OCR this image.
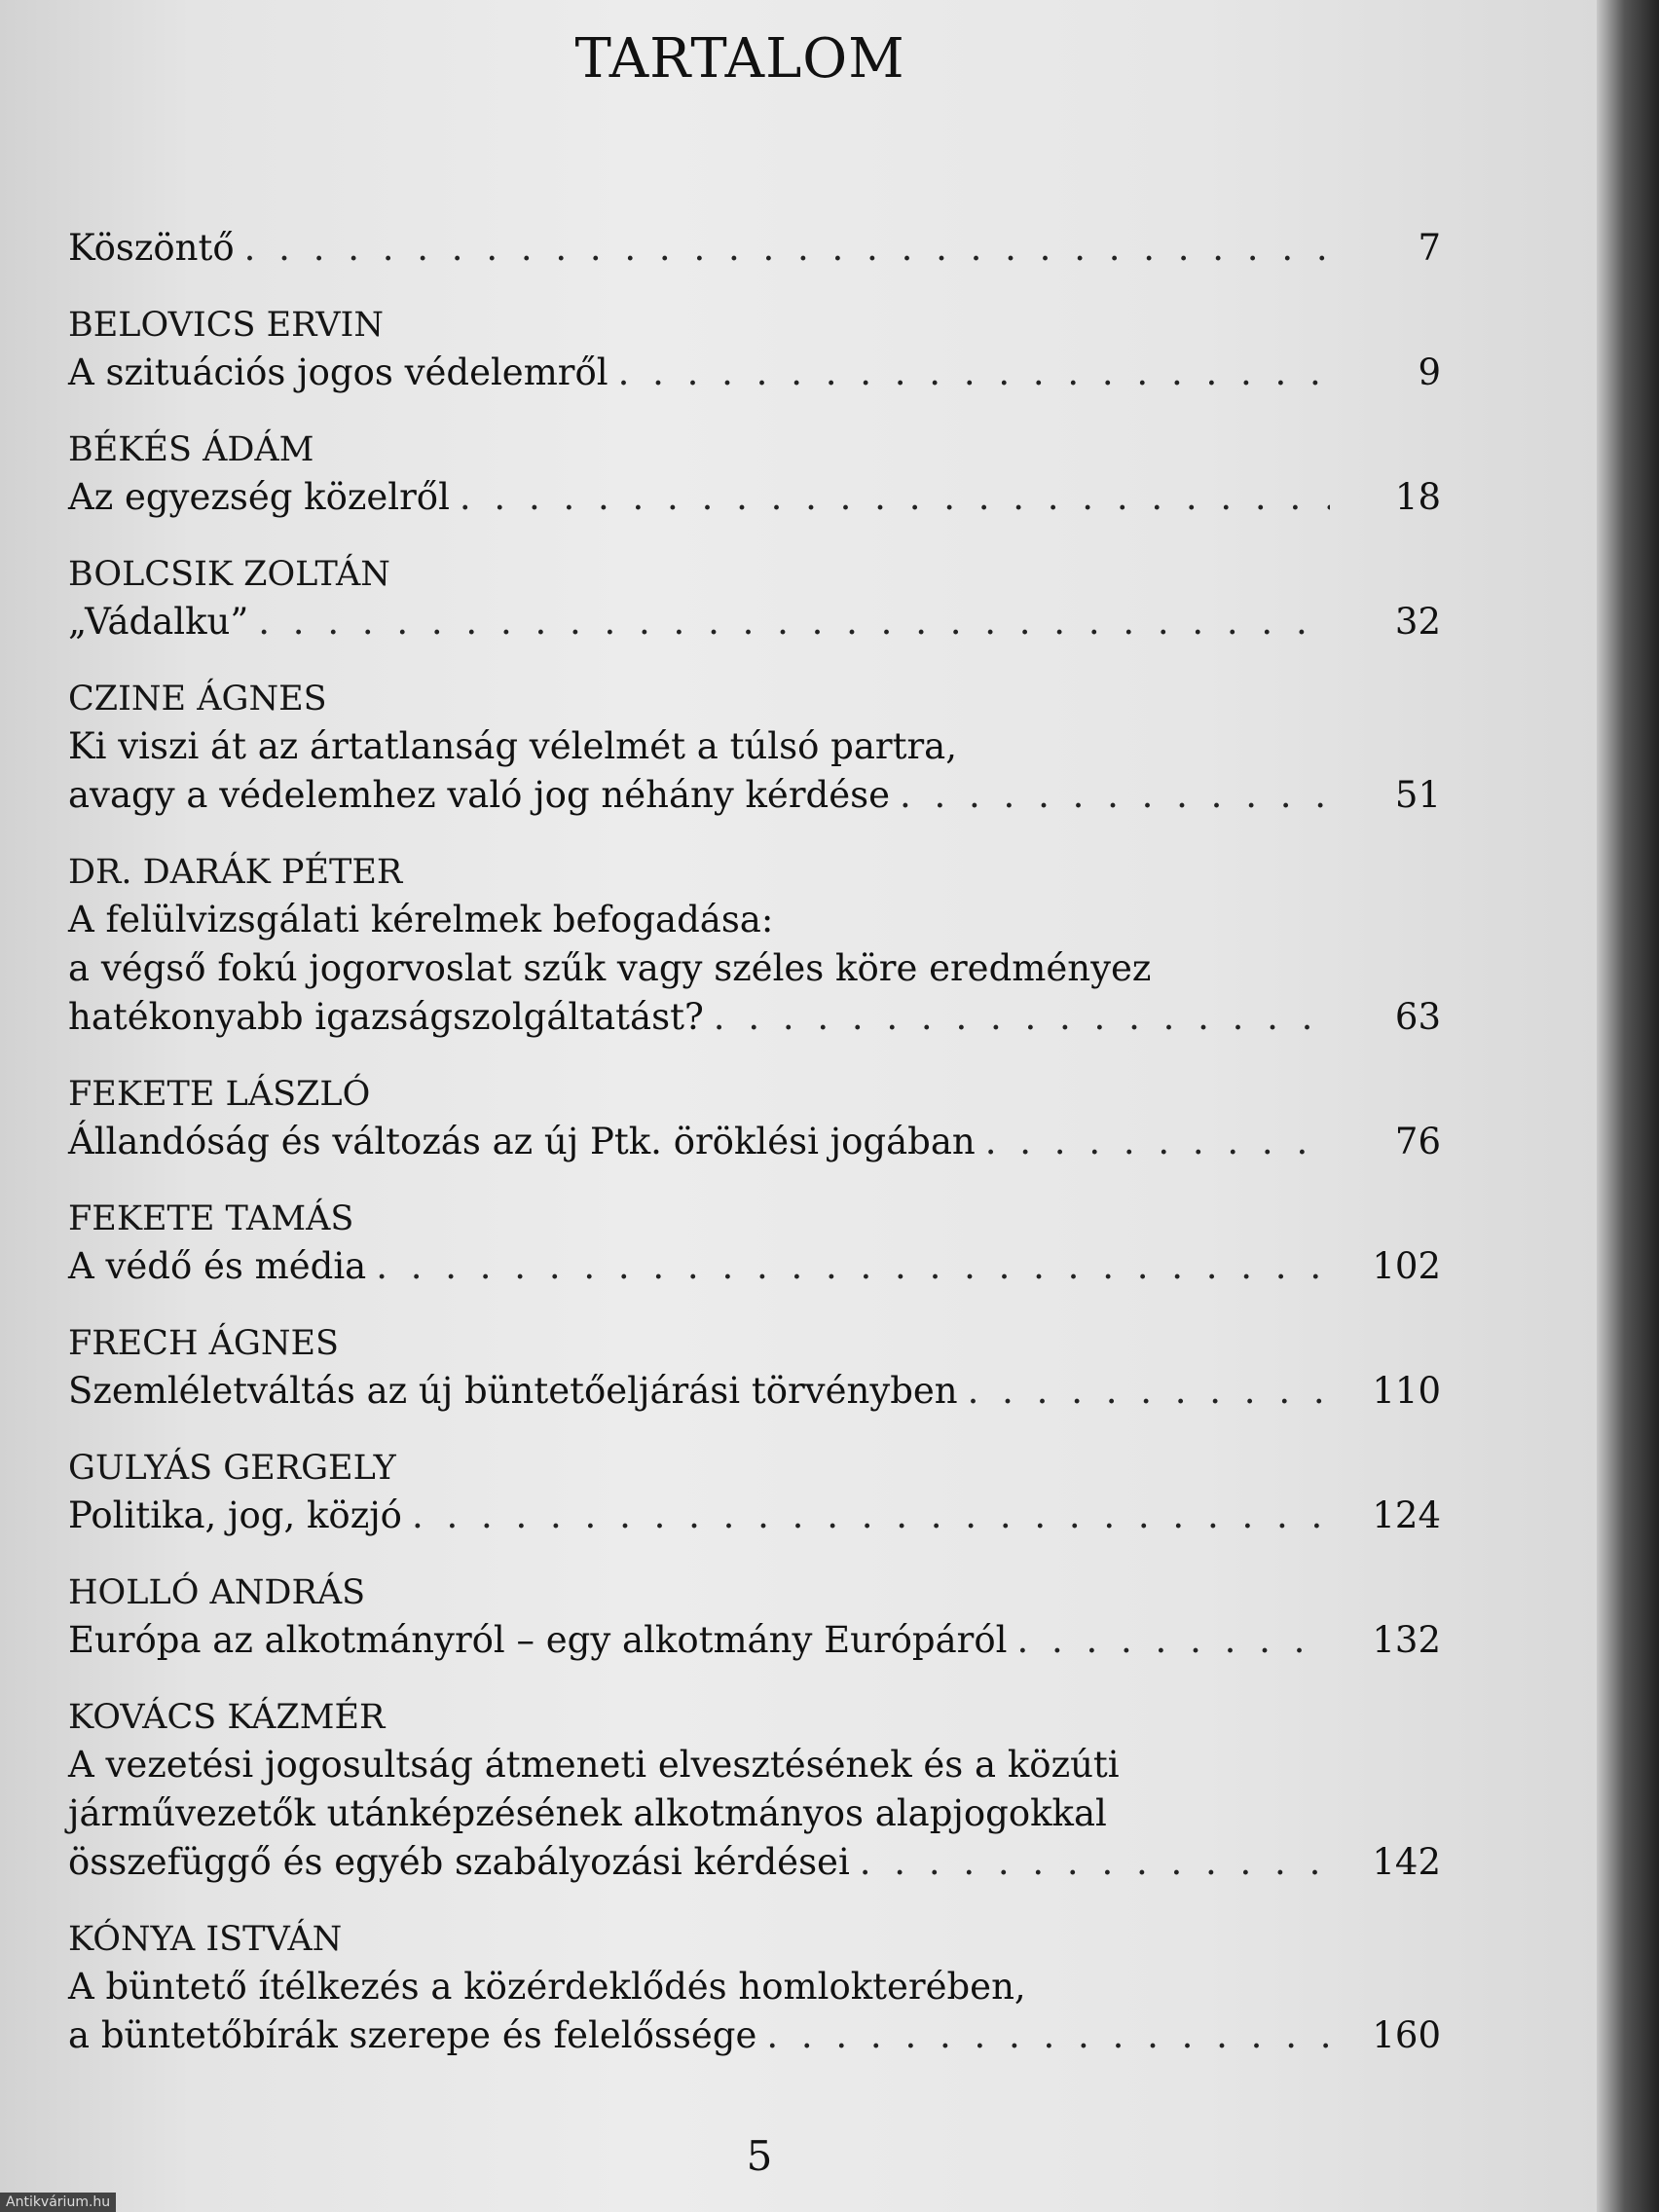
TARTALOM
Köszöntő . . .	7
BELOVICS ERVIN
A szituációs jogos védelemről . . .	9
BÉKÉS ÁDÁM
Az egyezség közelről . . .	18
BOLCSIK ZOLTÁN
„Vádalku” . . .	32
CZINE ÁGNES
Ki viszi át az ártatlanság vélelmét a túlsó partra,
avagy a védelemhez való jog néhány kérdése . . .	51
DR. DARÁK PÉTER
A felülvizsgálati kérelmek befogadása:
a végső fokú jogorvoslat szűk vagy széles köre eredményez
hatékonyabb igazságszolgáltatást? . . .	63
FEKETE LÁSZLÓ
Állandóság és változás az új Ptk. öröklési jogában . . .	76
FEKETE TAMÁS
A védő és média . . .	102
FRECH ÁGNES
Szemléletváltás az új büntetőeljárási törvényben . . .	110
GULYÁS GERGELY
Politika, jog, közjó . . .	124
HOLLÓ ANDRÁS
Európa az alkotmányról – egy alkotmány Európáról . . .	132
KOVÁCS KÁZMÉR
A vezetési jogosultság átmeneti elvesztésének és a közúti
járművezetők utánképzésének alkotmányos alapjogokkal
összefüggő és egyéb szabályozási kérdései . . .	142
KÓNYA ISTVÁN
A büntető ítélkezés a közérdeklődés homlokterében,
a büntetőbírák szerepe és felelőssége . . .	160
5
Antikvárium.hu
